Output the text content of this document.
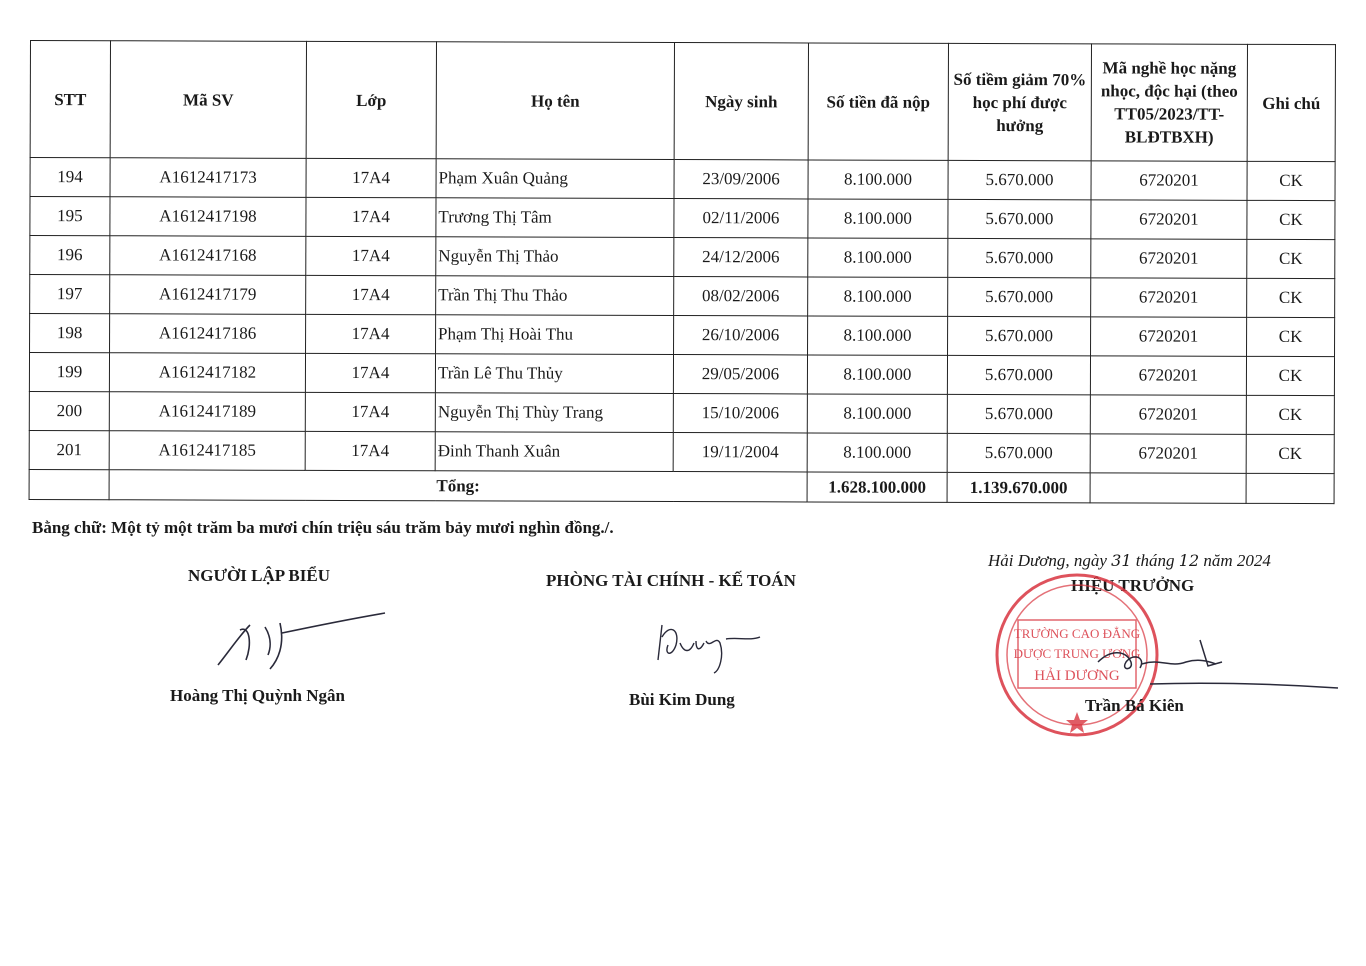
STT	Mã SV	Lớp	Họ tên	Ngày sinh	Số tiền đã nộp	Số tiềm giảm 70% học phí được hưởng	Mã nghề học nặng nhọc, độc hại (theo TT05/2023/TT-BLĐTBXH)	Ghi chú
194	A1612417173	17A4	Phạm Xuân Quảng	23/09/2006	8.100.000	5.670.000	6720201	CK
195	A1612417198	17A4	Trương Thị Tâm	02/11/2006	8.100.000	5.670.000	6720201	CK
196	A1612417168	17A4	Nguyễn Thị Thảo	24/12/2006	8.100.000	5.670.000	6720201	CK
197	A1612417179	17A4	Trần Thị Thu Thảo	08/02/2006	8.100.000	5.670.000	6720201	CK
198	A1612417186	17A4	Phạm Thị Hoài Thu	26/10/2006	8.100.000	5.670.000	6720201	CK
199	A1612417182	17A4	Trần Lê Thu Thủy	29/05/2006	8.100.000	5.670.000	6720201	CK
200	A1612417189	17A4	Nguyễn Thị Thùy Trang	15/10/2006	8.100.000	5.670.000	6720201	CK
201	A1612417185	17A4	Đinh Thanh Xuân	19/11/2004	8.100.000	5.670.000	6720201	CK
	Tổng:				1.628.100.000	1.139.670.000		
Bằng chữ: Một tỷ một trăm ba mươi chín triệu sáu trăm bảy mươi nghìn đồng./.
NGƯỜI LẬP BIỂU
Hoàng Thị Quỳnh Ngân
PHÒNG TÀI CHÍNH - KẾ TOÁN
Bùi Kim Dung
Hải Dương, ngày 31 tháng 12 năm 2024
HIỆU TRƯỞNG
TRƯỜNG CAO ĐẲNG
DƯỢC TRUNG ƯƠNG
HẢI DƯƠNG
Trần Bá Kiên
